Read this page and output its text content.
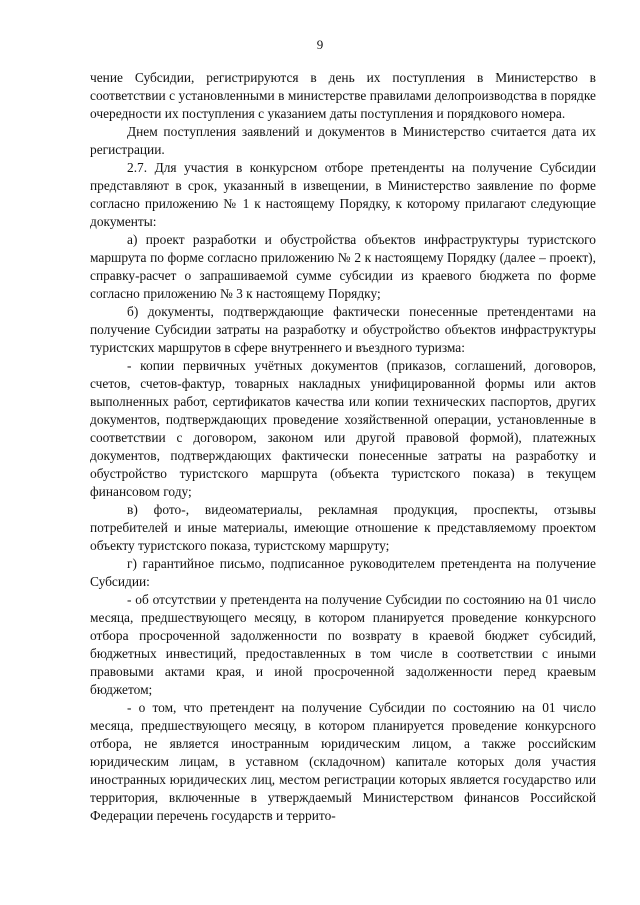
9

чение Субсидии, регистрируются в день их поступления в Министерство в соответствии с установленными в министерстве правилами делопроизводства в порядке очередности их поступления с указанием даты поступления и порядкового номера.

Днем поступления заявлений и документов в Министерство считается дата их регистрации.

2.7. Для участия в конкурсном отборе претенденты на получение Субсидии представляют в срок, указанный в извещении, в Министерство заявление по форме согласно приложению № 1 к настоящему Порядку, к которому прилагают следующие документы:

а) проект разработки и обустройства объектов инфраструктуры туристского маршрута по форме согласно приложению № 2 к настоящему Порядку (далее – проект), справку-расчет о запрашиваемой сумме субсидии из краевого бюджета по форме согласно приложению № 3 к настоящему Порядку;

б) документы, подтверждающие фактически понесенные претендентами на получение Субсидии затраты на разработку и обустройство объектов инфраструктуры туристских маршрутов в сфере внутреннего и въездного туризма:

- копии первичных учётных документов (приказов, соглашений, договоров, счетов, счетов-фактур, товарных накладных унифицированной формы или актов выполненных работ, сертификатов качества или копии технических паспортов, других документов, подтверждающих проведение хозяйственной операции, установленные в соответствии с договором, законом или другой правовой формой), платежных документов, подтверждающих фактически понесенные затраты на разработку и обустройство туристского маршрута (объекта туристского показа) в текущем финансовом году;

в) фото-, видеоматериалы, рекламная продукция, проспекты, отзывы потребителей и иные материалы, имеющие отношение к представляемому проектом объекту туристского показа, туристскому маршруту;

г) гарантийное письмо, подписанное руководителем претендента на получение Субсидии:

- об отсутствии у претендента на получение Субсидии по состоянию на 01 число месяца, предшествующего месяцу, в котором планируется проведение конкурсного отбора просроченной задолженности по возврату в краевой бюджет субсидий, бюджетных инвестиций, предоставленных в том числе в соответствии с иными правовыми актами края, и иной просроченной задолженности перед краевым бюджетом;

- о том, что претендент на получение Субсидии по состоянию на 01 число месяца, предшествующего месяцу, в котором планируется проведение конкурсного отбора, не является иностранным юридическим лицом, а также российским юридическим лицам, в уставном (складочном) капитале которых доля участия иностранных юридических лиц, местом регистрации которых является государство или территория, включенные в утверждаемый Министерством финансов Российской Федерации перечень государств и террито-
